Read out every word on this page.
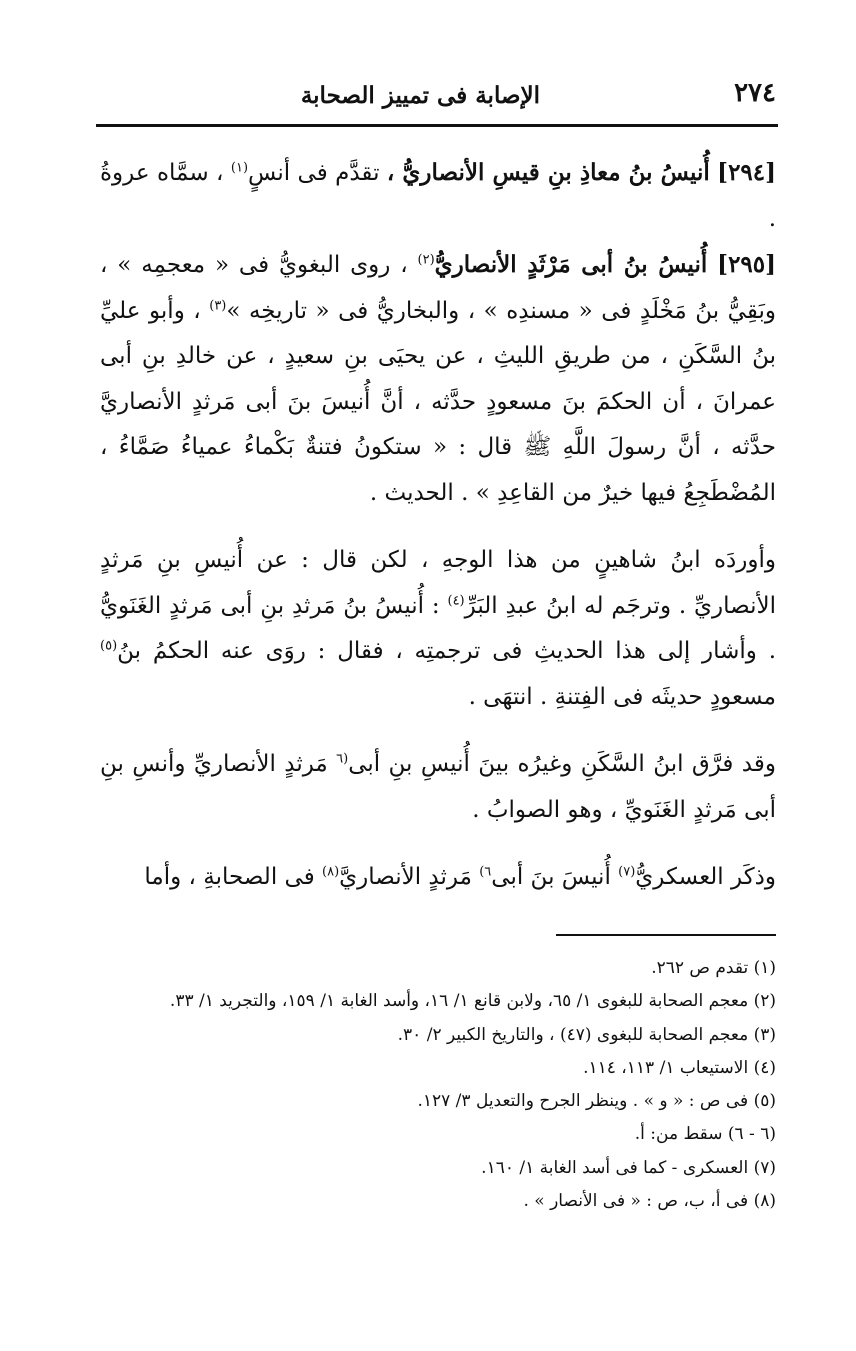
٢٧٤
الإصابة فى تمييز الصحابة

[٢٩٤] أُنيسُ بنُ معاذِ بنِ قيسِ الأنصاريُّ ، تقدَّم فى أنسٍ$^{(١)}$ ، سمَّاه عروةُ .

[٢٩٥] أُنيسُ بنُ أبى مَرْثَدٍ الأنصاريُّ$^{(٢)}$ ، روى البغويُّ فى « معجمِه » ، وبَقِيُّ بنُ مَخْلَدٍ فى « مسندِه » ، والبخاريُّ فى « تاريخِه »$^{(٣)}$ ، وأبو عليِّ بنُ السَّكَنِ ، من طريقِ الليثِ ، عن يحيَى بنِ سعيدٍ ، عن خالدِ بنِ أبى عمرانَ ، أن الحكمَ بنَ مسعودٍ حدَّثه ، أنَّ أُنيسَ بنَ أبى مَرثدٍ الأنصاريَّ حدَّثه ، أنَّ رسولَ اللَّهِ ﷺ قال : « ستكونُ فتنةٌ بَكْماءُ عمياءُ صَمَّاءُ ، المُضْطَجِعُ فيها خيرٌ من القاعِدِ » . الحديث .

وأوردَه ابنُ شاهينٍ من هذا الوجهِ ، لكن قال : عن أُنيسِ بنِ مَرثدٍ الأنصاريِّ . وترجَم له ابنُ عبدِ البَرِّ$^{(٤)}$ : أُنيسُ بنُ مَرثدِ بنِ أبى مَرثدٍ الغَنَويُّ . وأشار إلى هذا الحديثِ فى ترجمتِه ، فقال : روَى عنه الحكمُ بنُ$^{(٥)}$ مسعودٍ حديثَه فى الفِتنةِ . انتهَى .

وقد فرَّق ابنُ السَّكَنِ وغيرُه بينَ أُنيسِ بنِ أبى$^{(٦}$ مَرثدٍ الأنصاريِّ وأنسِ بنِ أبى مَرثدٍ الغَنَويِّ ، وهو الصوابُ .

وذكَر العسكريُّ$^{(٧)}$ أُنيسَ بنَ أبى$^{٦)}$ مَرثدٍ الأنصاريَّ$^{(٨)}$ فى الصحابةِ ، وأما

(١) تقدم ص ٢٦٢.
(٢) معجم الصحابة للبغوى ١/ ٦٥، ولابن قانع ١/ ١٦، وأسد الغابة ١/ ١٥٩، والتجريد ١/ ٣٣.
(٣) معجم الصحابة للبغوى (٤٧) ، والتاريخ الكبير ٢/ ٣٠.
(٤) الاستيعاب ١/ ١١٣، ١١٤.
(٥) فى ص : « و » . وينظر الجرح والتعديل ٣/ ١٢٧.
(٦ - ٦) سقط من: أ.
(٧) العسكرى - كما فى أسد الغابة ١/ ١٦٠.
(٨) فى أ، ب، ص : « فى الأنصار » .
